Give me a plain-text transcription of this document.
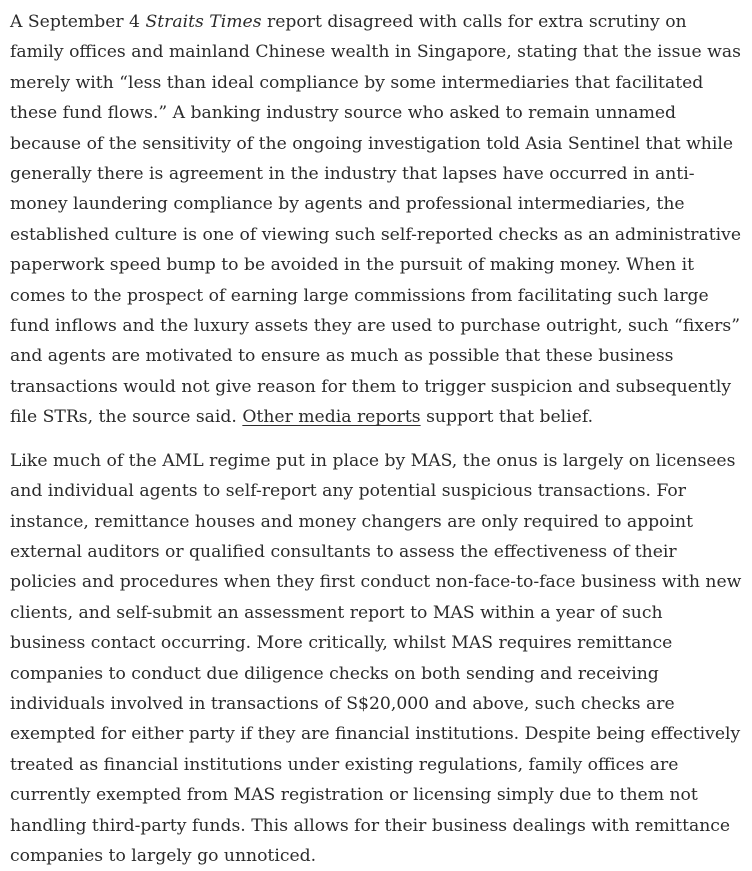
A September 4 Straits Times report disagreed with calls for extra scrutiny on family offices and mainland Chinese wealth in Singapore, stating that the issue was merely with “less than ideal compliance by some intermediaries that facilitated these fund flows.” A banking industry source who asked to remain unnamed because of the sensitivity of the ongoing investigation told Asia Sentinel that while generally there is agreement in the industry that lapses have occurred in anti-money laundering compliance by agents and professional intermediaries, the established culture is one of viewing such self-reported checks as an administrative paperwork speed bump to be avoided in the pursuit of making money. When it comes to the prospect of earning large commissions from facilitating such large fund inflows and the luxury assets they are used to purchase outright, such “fixers” and agents are motivated to ensure as much as possible that these business transactions would not give reason for them to trigger suspicion and subsequently file STRs, the source said. Other media reports support that belief.

Like much of the AML regime put in place by MAS, the onus is largely on licensees and individual agents to self-report any potential suspicious transactions. For instance, remittance houses and money changers are only required to appoint external auditors or qualified consultants to assess the effectiveness of their policies and procedures when they first conduct non-face-to-face business with new clients, and self-submit an assessment report to MAS within a year of such business contact occurring. More critically, whilst MAS requires remittance companies to conduct due diligence checks on both sending and receiving individuals involved in transactions of S$20,000 and above, such checks are exempted for either party if they are financial institutions. Despite being effectively treated as financial institutions under existing regulations, family offices are currently exempted from MAS registration or licensing simply due to them not handling third-party funds. This allows for their business dealings with remittance companies to largely go unnoticed.
